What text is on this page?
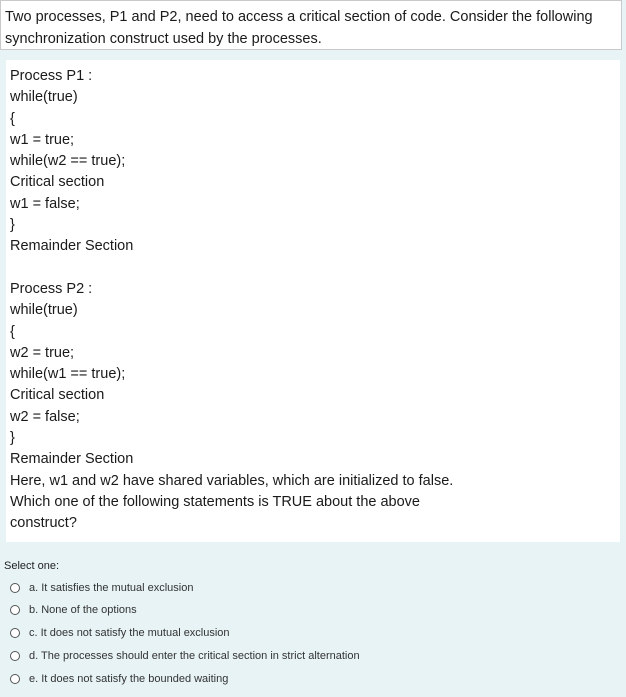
Two processes, P1 and P2, need to access a critical section of code. Consider the following
synchronization construct used by the processes.
Process P1 :
while(true)
{
w1 = true;
while(w2 == true);
Critical section
w1 = false;
}
Remainder Section
Process P2 :
while(true)
{
w2 = true;
while(w1 == true);
Critical section
w2 = false;
}
Remainder Section
Here, w1 and w2 have shared variables, which are initialized to false. Which one of the following statements is TRUE about the above construct?
Select one:
a. It satisfies the mutual exclusion
b. None of the options
c. It does not satisfy the mutual exclusion
d. The processes should enter the critical section in strict alternation
e. It does not satisfy the bounded waiting
